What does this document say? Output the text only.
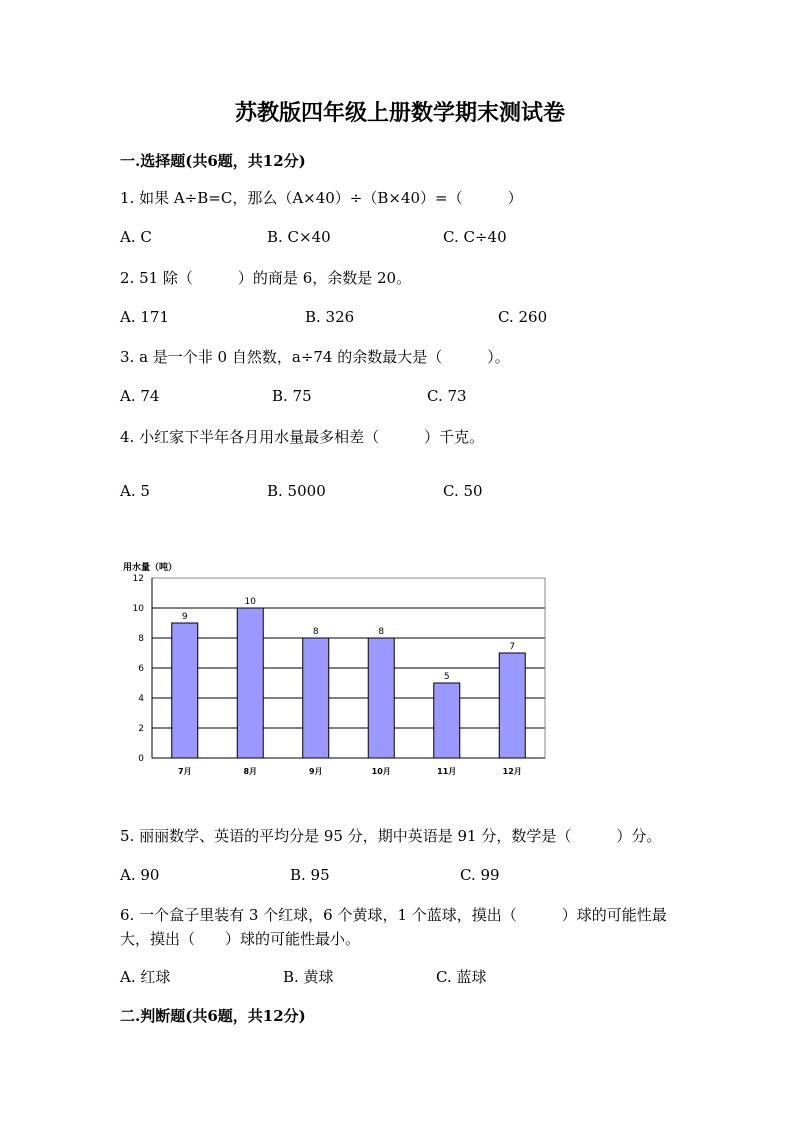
苏教版四年级上册数学期末测试卷
一.选择题(共6题，共12分)
1. 如果 A÷B=C，那么（A×40）÷（B×40）=（　　　）
A. C	B. C×40	C. C÷40
2. 51 除（　　　）的商是 6，余数是 20。
A. 171	B. 326	C. 260
3. a 是一个非 0 自然数，a÷74 的余数最大是（　　　）。
A. 74	B. 75	C. 73
4. 小红家下半年各月用水量最多相差（　　　）千克。
A. 5	B. 5000	C. 50
用水量（吨）
0
2
4
6
8
10
12
9
7月
10
8月
8
9月
8
10月
5
11月
7
12月
5. 丽丽数学、英语的平均分是 95 分，期中英语是 91 分，数学是（　　　）分。
A. 90	B. 95	C. 99
6. 一个盒子里装有 3 个红球，6 个黄球，1 个蓝球，摸出（　　　）球的可能性最大，摸出（　　）球的可能性最小。
A. 红球	B. 黄球	C. 蓝球
二.判断题(共6题，共12分)
